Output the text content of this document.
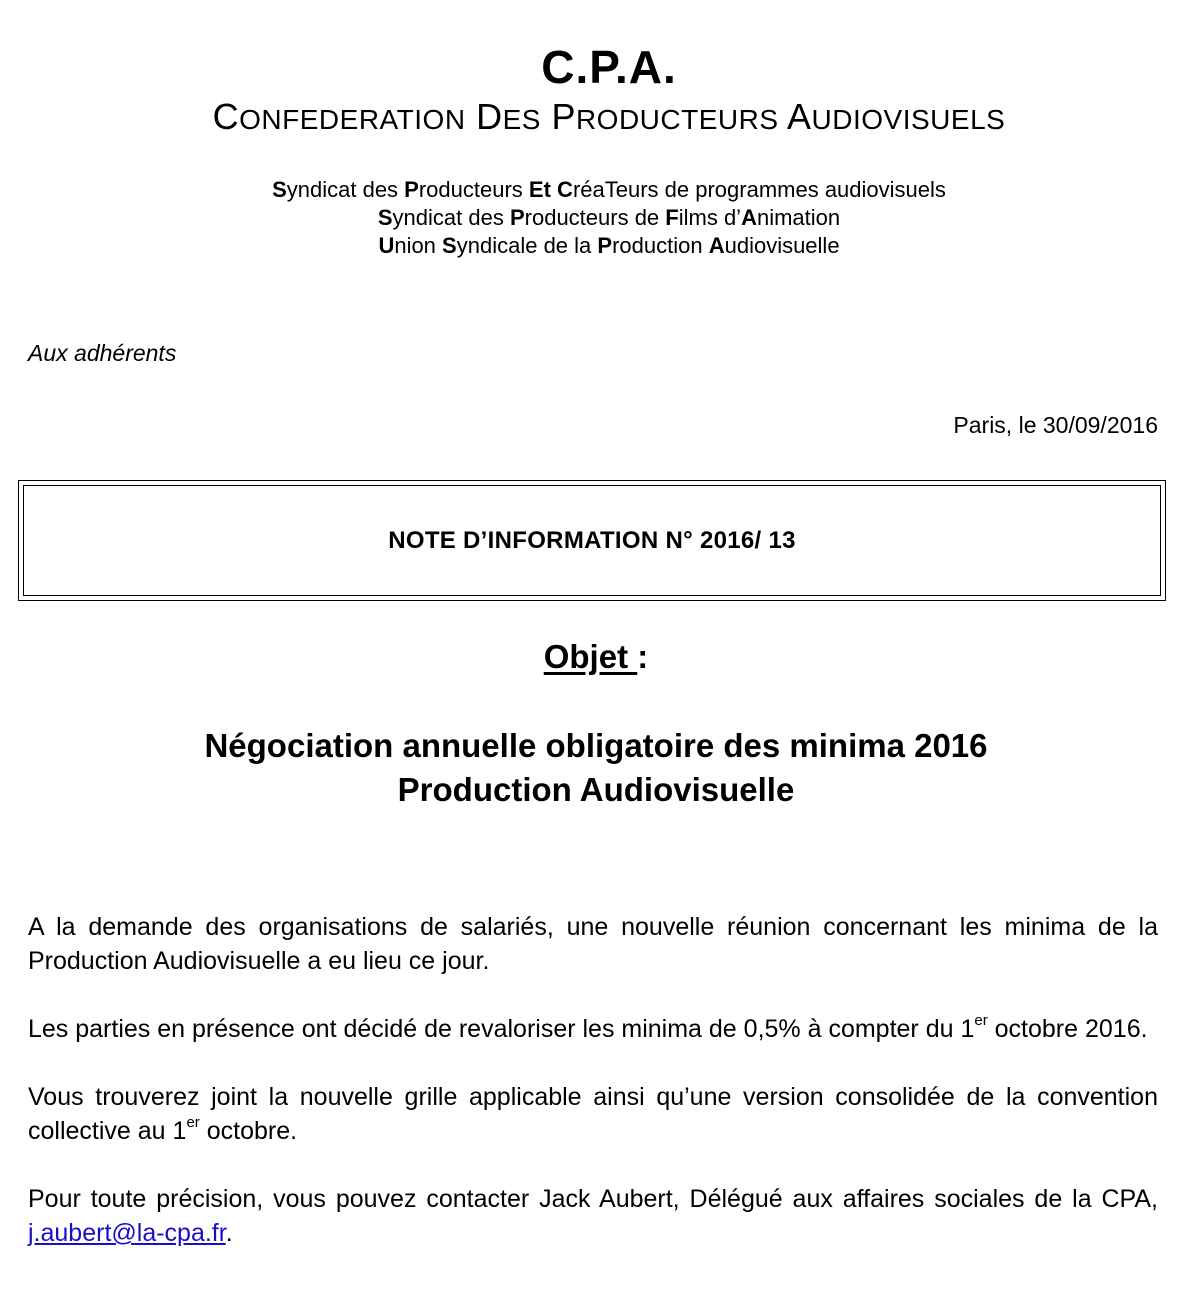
C.P.A.
CONFEDERATION DES PRODUCTEURS AUDIOVISUELS
Syndicat des Producteurs Et CréaTeurs de programmes audiovisuels
Syndicat des Producteurs de Films d’Animation
Union Syndicale de la Production Audiovisuelle
Aux adhérents
Paris, le 30/09/2016
NOTE D’INFORMATION N° 2016/ 13
Objet :
Négociation annuelle obligatoire des minima 2016
Production Audiovisuelle

A la demande des organisations de salariés, une nouvelle réunion concernant les minima de la Production Audiovisuelle a eu lieu ce jour.

Les parties en présence ont décidé de revaloriser les minima de 0,5% à compter du 1er octobre 2016.

Vous trouverez joint la nouvelle grille applicable ainsi qu’une version consolidée de la convention collective au 1er octobre.

Pour toute précision, vous pouvez contacter Jack Aubert, Délégué aux affaires sociales de la CPA, j.aubert@la-cpa.fr.
